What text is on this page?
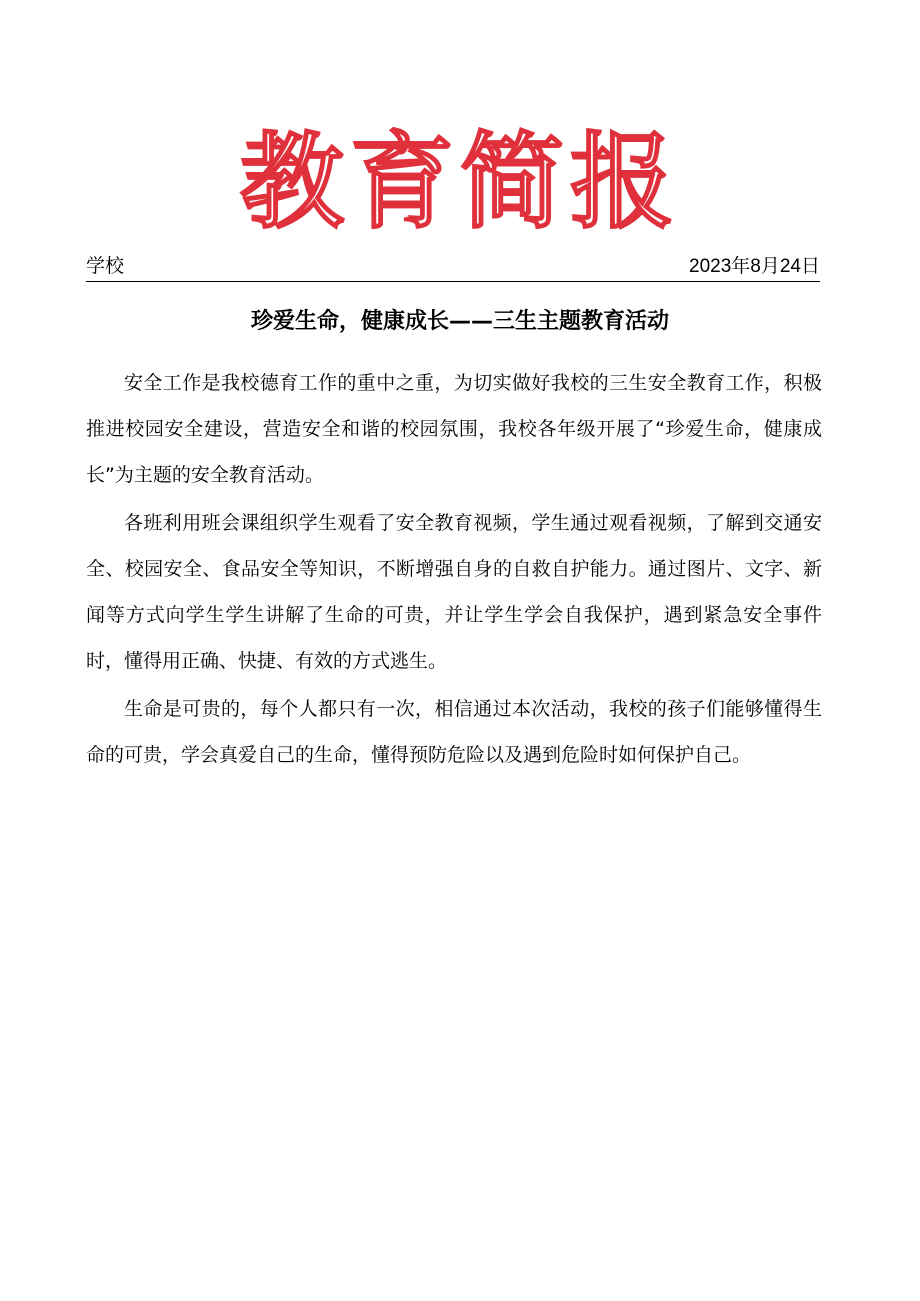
教育简报
学校	2023年8月24日
珍爱生命，健康成长——三生主题教育活动

安全工作是我校德育工作的重中之重，为切实做好我校的三生安全教育工作，积极推进校园安全建设，营造安全和谐的校园氛围，我校各年级开展了“珍爱生命，健康成长”为主题的安全教育活动。

各班利用班会课组织学生观看了安全教育视频，学生通过观看视频，了解到交通安全、校园安全、食品安全等知识，不断增强自身的自救自护能力。通过图片、文字、新闻等方式向学生学生讲解了生命的可贵，并让学生学会自我保护，遇到紧急安全事件时，懂得用正确、快捷、有效的方式逃生。

生命是可贵的，每个人都只有一次，相信通过本次活动，我校的孩子们能够懂得生命的可贵，学会真爱自己的生命，懂得预防危险以及遇到危险时如何保护自己。
